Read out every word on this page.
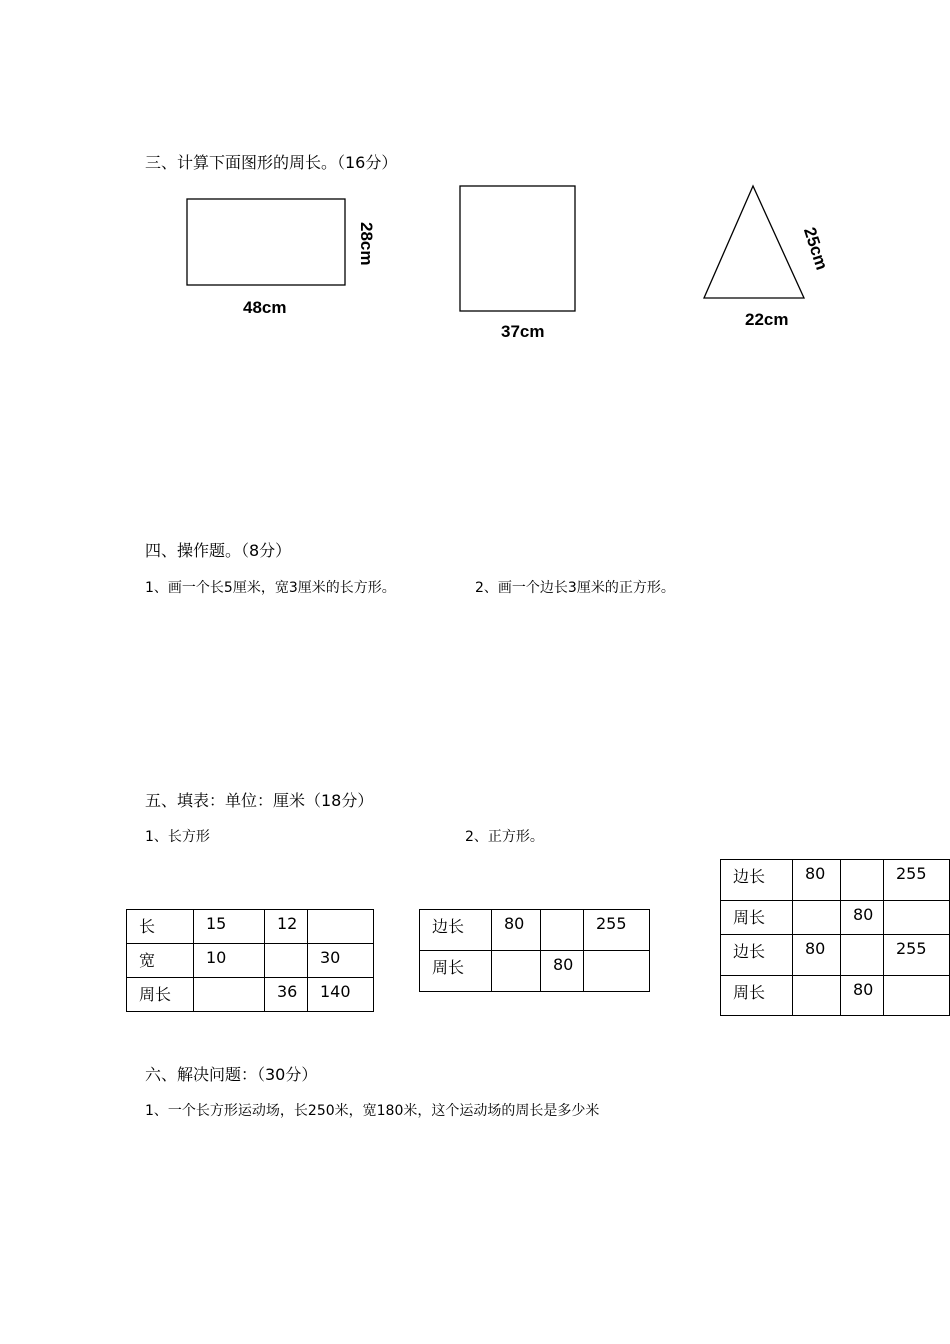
三、计算下面图形的周长。（16分）
48cm
28cm
37cm
22cm
25cm
四、操作题。（8分）
1、画一个长5厘米，宽3厘米的长方形。	2、画一个边长3厘米的正方形。
五、填表：单位：厘米（18分）
1、长方形	2、正方形。
长	15	12	

宽	10		30

周长		36	140
边长	80		255

周长		80	

边长	80		255

周长		80	

边长	80		255

周长		80	

六、解决问题：（30分）
1、一个长方形运动场，长250米，宽180米，这个运动场的周长是多少米
